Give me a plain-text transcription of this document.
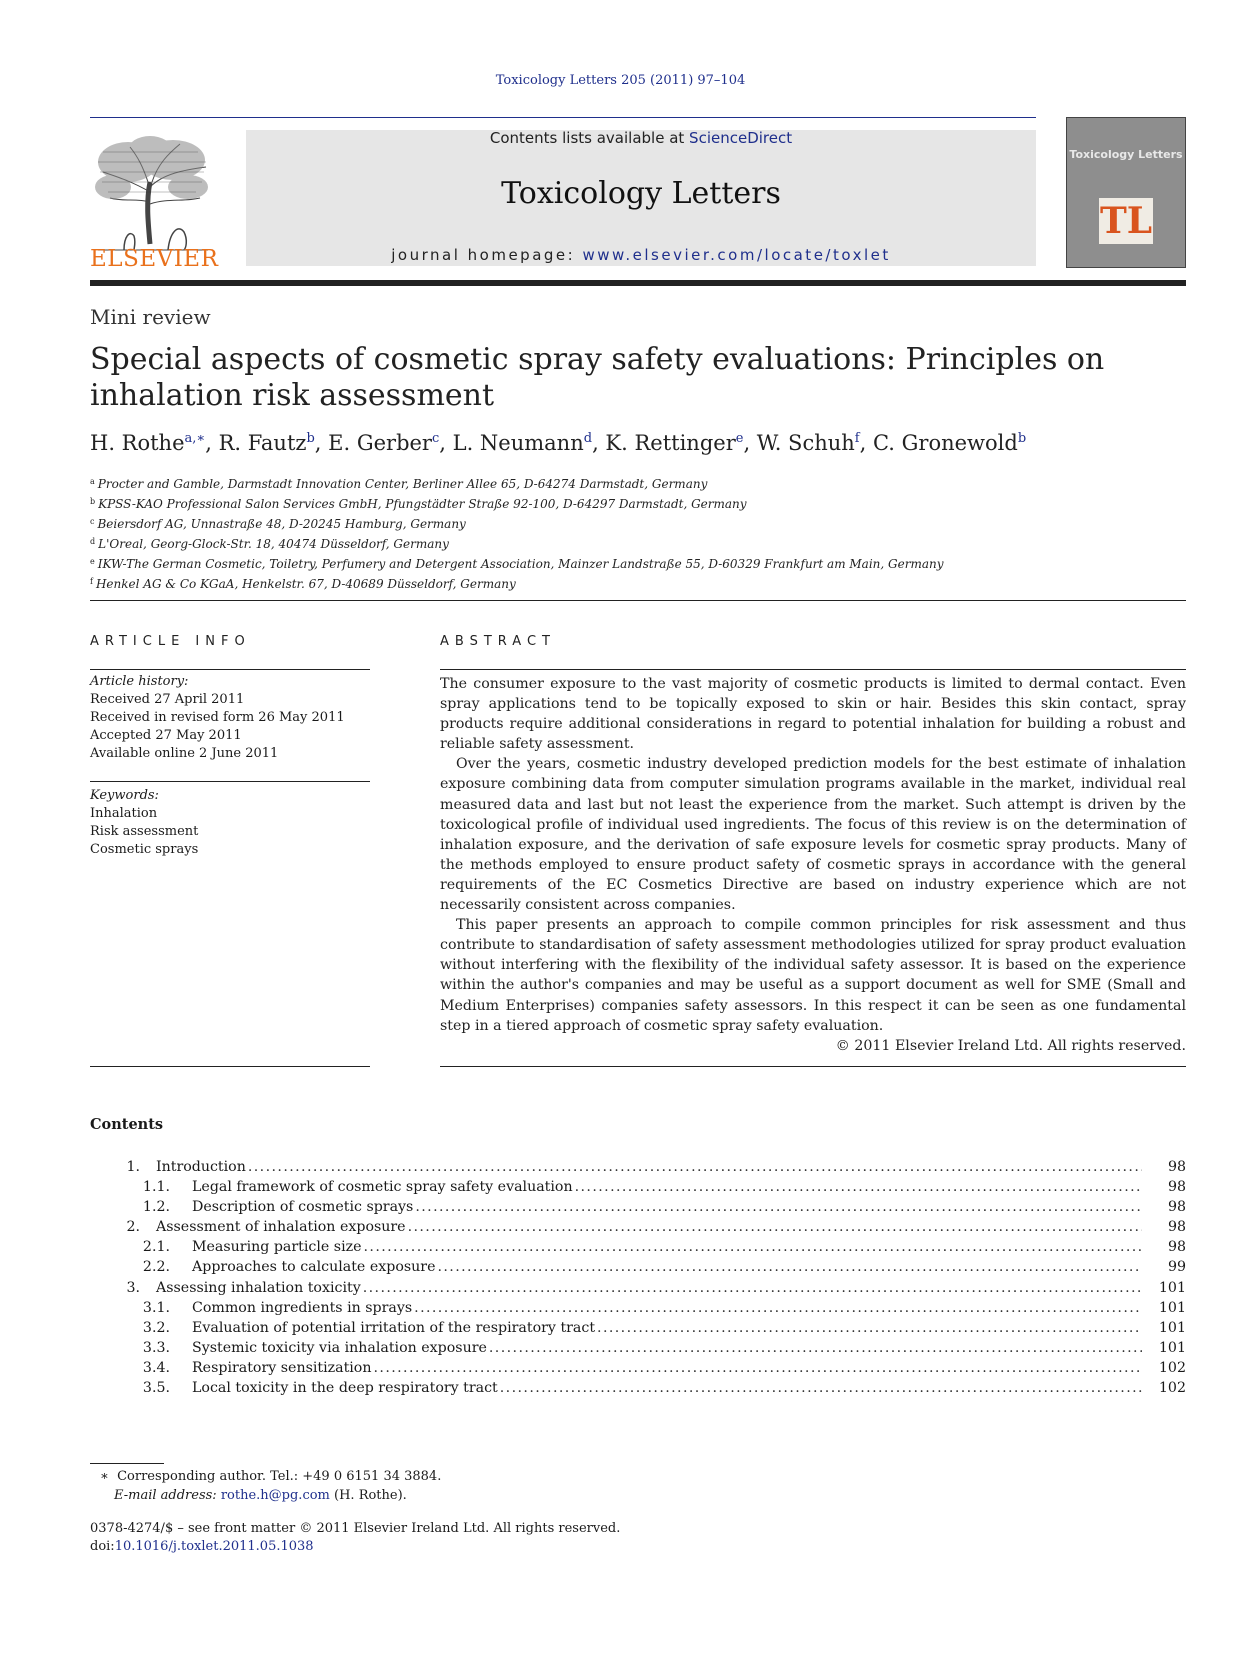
Toxicology Letters 205 (2011) 97–104
ELSEVIER
Contents lists available at ScienceDirect
Toxicology Letters
journal homepage: www.elsevier.com/locate/toxlet
Toxicology Letters
TL
Mini review
Special aspects of cosmetic spray safety evaluations: Principles on inhalation risk assessment
H. Rothe$^{a,∗}$, R. Fautz$^b$, E. Gerber$^c$, L. Neumann$^d$, K. Rettinger$^e$, W. Schuh$^f$, C. Gronewold$^b$
$^a$ Procter and Gamble, Darmstadt Innovation Center, Berliner Allee 65, D-64274 Darmstadt, Germany
$^b$ KPSS-KAO Professional Salon Services GmbH, Pfungstädter Straße 92-100, D-64297 Darmstadt, Germany
$^c$ Beiersdorf AG, Unnastraße 48, D-20245 Hamburg, Germany
$^d$ L'Oreal, Georg-Glock-Str. 18, 40474 Düsseldorf, Germany
$^e$ IKW-The German Cosmetic, Toiletry, Perfumery and Detergent Association, Mainzer Landstraße 55, D-60329 Frankfurt am Main, Germany
$^f$ Henkel AG & Co KGaA, Henkelstr. 67, D-40689 Düsseldorf, Germany
ARTICLE INFO
Article history:
Received 27 April 2011
Received in revised form 26 May 2011
Accepted 27 May 2011
Available online 2 June 2011
Keywords:
Inhalation
Risk assessment
Cosmetic sprays
ABSTRACT

The consumer exposure to the vast majority of cosmetic products is limited to dermal contact. Even spray applications tend to be topically exposed to skin or hair. Besides this skin contact, spray products require additional considerations in regard to potential inhalation for building a robust and reliable safety assessment.

Over the years, cosmetic industry developed prediction models for the best estimate of inhalation exposure combining data from computer simulation programs available in the market, individual real measured data and last but not least the experience from the market. Such attempt is driven by the toxicological profile of individual used ingredients. The focus of this review is on the determination of inhalation exposure, and the derivation of safe exposure levels for cosmetic spray products. Many of the methods employed to ensure product safety of cosmetic sprays in accordance with the general requirements of the EC Cosmetics Directive are based on industry experience which are not necessarily consistent across companies.

This paper presents an approach to compile common principles for risk assessment and thus contribute to standardisation of safety assessment methodologies utilized for spray product evaluation without interfering with the flexibility of the individual safety assessor. It is based on the experience within the author's companies and may be useful as a support document as well for SME (Small and Medium Enterprises) companies safety assessors. In this respect it can be seen as one fundamental step in a tiered approach of cosmetic spray safety evaluation.

© 2011 Elsevier Ireland Ltd. All rights reserved.

Contents
1.	Introduction .....	98
1.1.	Legal framework of cosmetic spray safety evaluation .....	98
1.2.	Description of cosmetic sprays .....	98
2.	Assessment of inhalation exposure .....	98
2.1.	Measuring particle size .....	98
2.2.	Approaches to calculate exposure .....	99
3.	Assessing inhalation toxicity .....	101
3.1.	Common ingredients in sprays .....	101
3.2.	Evaluation of potential irritation of the respiratory tract .....	101
3.3.	Systemic toxicity via inhalation exposure .....	101
3.4.	Respiratory sensitization .....	102
3.5.	Local toxicity in the deep respiratory tract .....	102
∗ Corresponding author. Tel.: +49 0 6151 34 3884.
E-mail address: rothe.h@pg.com (H. Rothe).
0378-4274/$ – see front matter © 2011 Elsevier Ireland Ltd. All rights reserved.
doi:10.1016/j.toxlet.2011.05.1038
